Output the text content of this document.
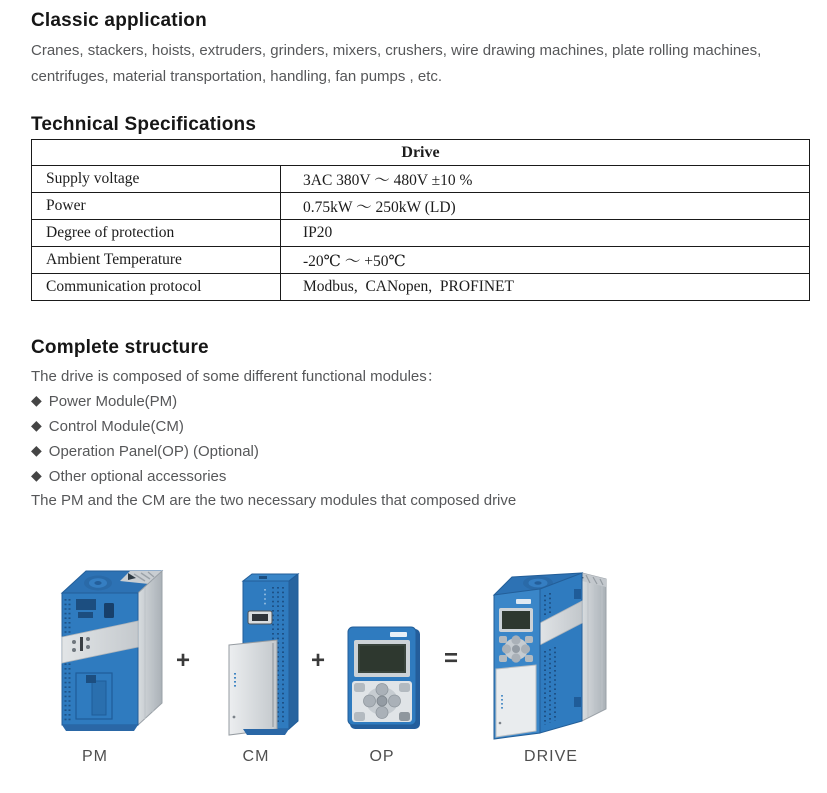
Classic application

Cranes, stackers, hoists, extruders, grinders, mixers, crushers, wire drawing machines, plate rolling machines, centrifuges, material transportation, handling, fan pumps , etc.

Technical Specifications
Drive	
Supply voltage	3AC 380V ～ 480V ±10 %
Power	0.75kW ～ 250kW (LD)
Degree of protection	IP20
Ambient Temperature	-20℃ ～ +50℃
Communication protocol	Modbus,  CANopen,  PROFINET
Complete structure
The drive is composed of some different functional modules：
◆ Power Module(PM)
◆ Control Module(CM)
◆ Operation Panel(OP) (Optional)
◆ Other optional accessories
The PM and the CM are the two necessary modules that composed drive
+	+	=
PM	CM	OP	DRIVE
